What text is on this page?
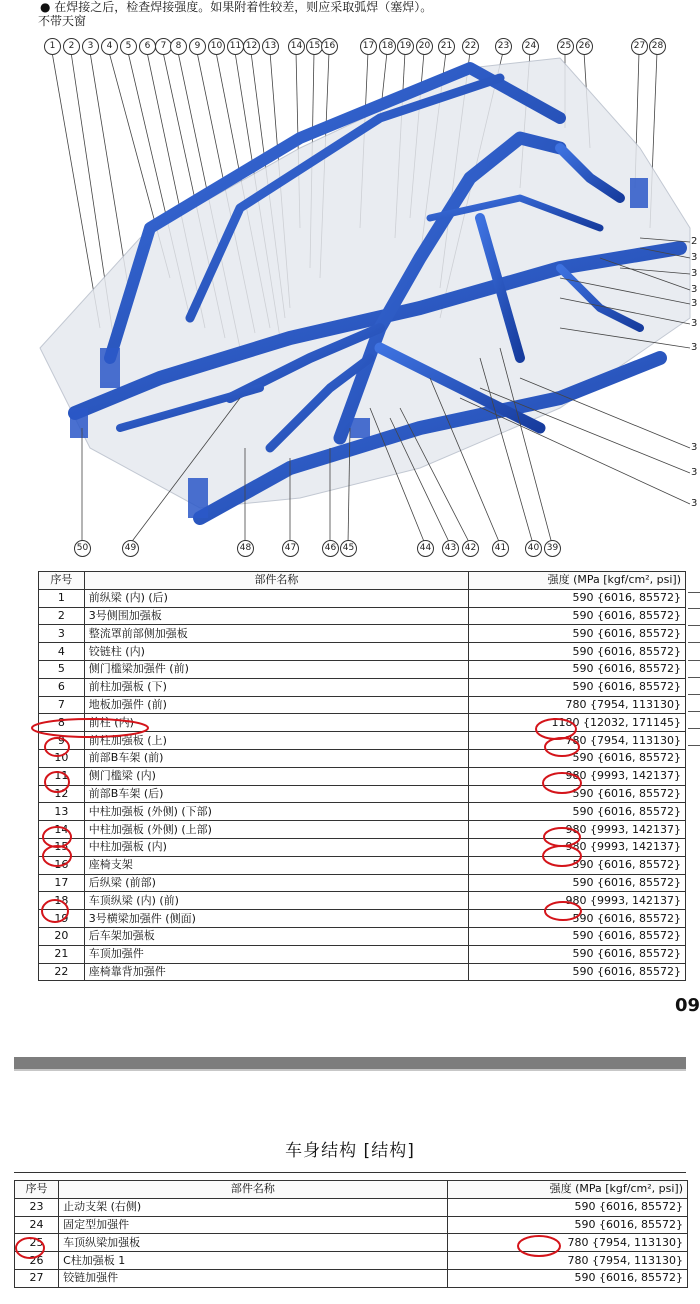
● 在焊接之后，检查焊接强度。如果附着性较差，则应采取弧焊（塞焊）。
不带天窗
1	2	3	4	5	6	7	8	9	10 11 12 13	14 15 16	17 18 19 20	21	22	23	24	25 26	27 28
50	49	48	47	46 45	44	43 42	41	40 39
2
3
3
3
3
3
3
3
3
3
序号	部件名称	强度 (MPa [kgf/cm², psi])
1	前纵梁 (内) (后)	590 {6016, 85572}
2	3号侧围加强板	590 {6016, 85572}
3	整流罩前部侧加强板	590 {6016, 85572}
4	铰链柱 (内)	590 {6016, 85572}
5	侧门槛梁加强件 (前)	590 {6016, 85572}
6	前柱加强板 (下)	590 {6016, 85572}
7	地板加强件 (前)	780 {7954, 113130}
8	前柱 (内)	1180 {12032, 171145}
9	前柱加强板 (上)	780 {7954, 113130}
10	前部B车架 (前)	590 {6016, 85572}
11	侧门槛梁 (内)	980 {9993, 142137}
12	前部B车架 (后)	590 {6016, 85572}
13	中柱加强板 (外侧) (下部)	590 {6016, 85572}
14	中柱加强板 (外侧) (上部)	980 {9993, 142137}
15	中柱加强板 (内)	980 {9993, 142137}
16	座椅支架	590 {6016, 85572}
17	后纵梁 (前部)	590 {6016, 85572}
18	车顶纵梁 (内) (前)	980 {9993, 142137}
19	3号横梁加强件 (侧面)	590 {6016, 85572}
20	后车架加强板	590 {6016, 85572}
21	车顶加强件	590 {6016, 85572}
22	座椅靠背加强件	590 {6016, 85572}
09
车身结构 [结构]
序号	部件名称	强度 (MPa [kgf/cm², psi])
23	止动支架 (右侧)	590 {6016, 85572}
24	固定型加强件	590 {6016, 85572}
25	车顶纵梁加强板	780 {7954, 113130}
26	C柱加强板 1	780 {7954, 113130}
27	铰链加强件	590 {6016, 85572}
